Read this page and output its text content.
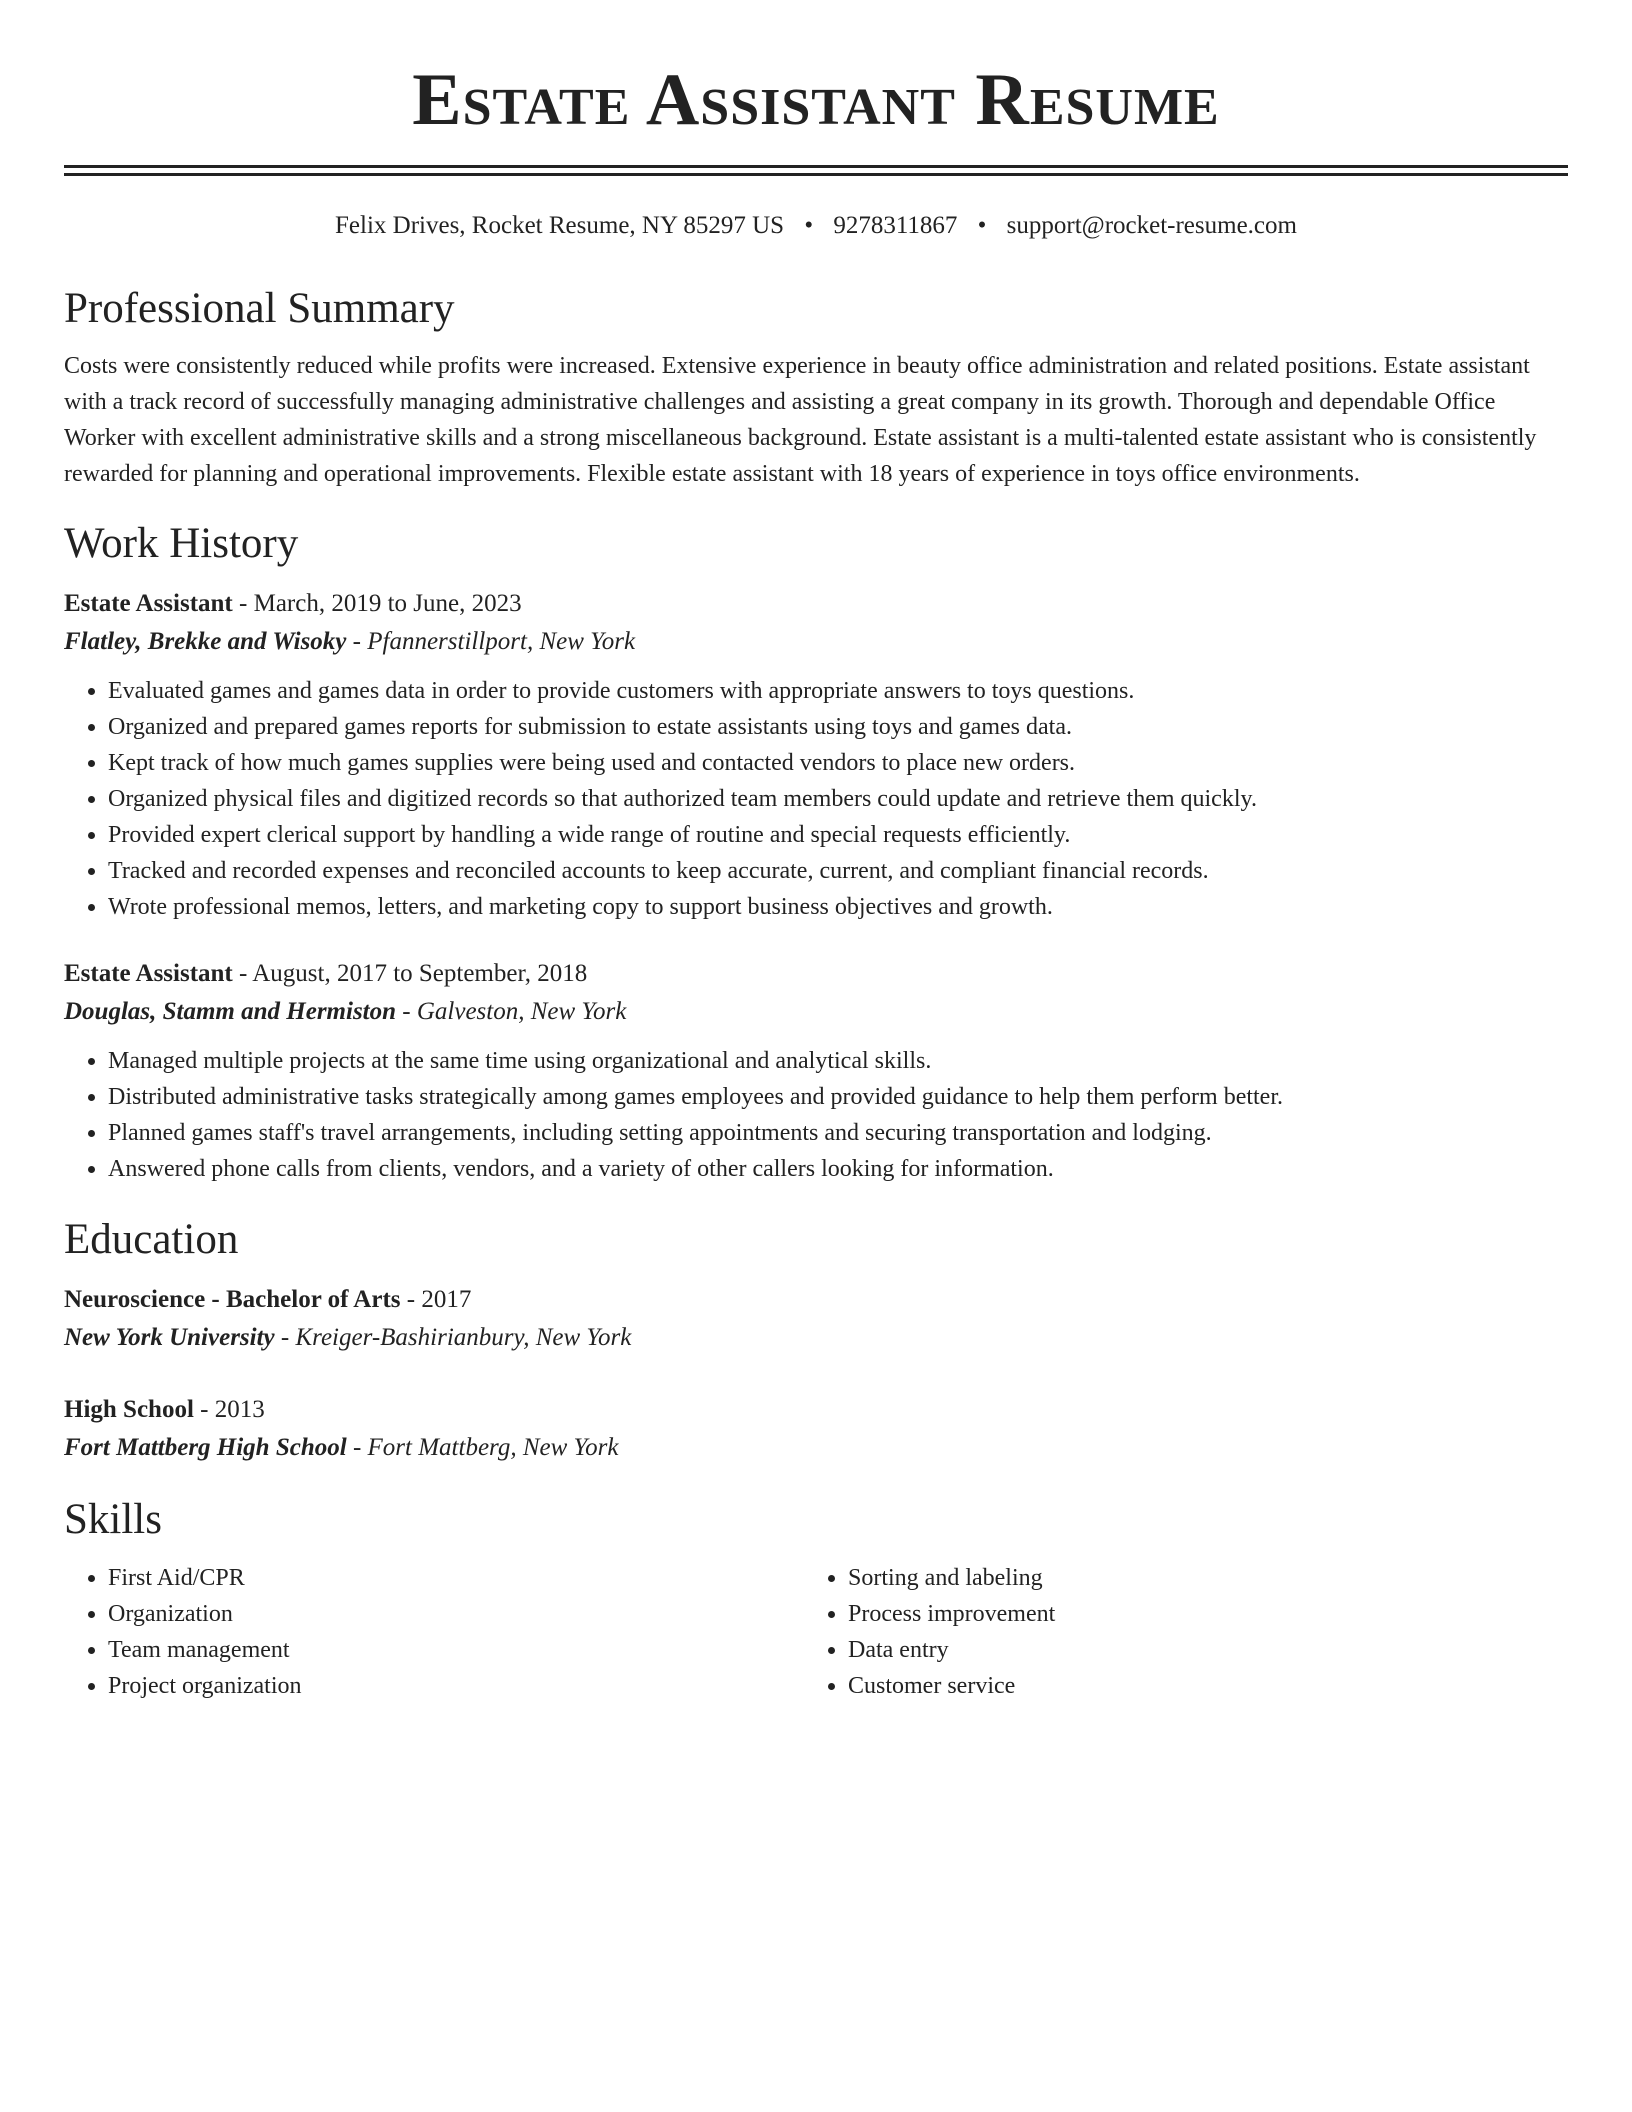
Estate Assistant Resume
Felix Drives, Rocket Resume, NY 85297 US • 9278311867 • support@rocket-resume.com
Professional Summary

Costs were consistently reduced while profits were increased. Extensive experience in beauty office administration and related positions. Estate assistant with a track record of successfully managing administrative challenges and assisting a great company in its growth. Thorough and dependable Office Worker with excellent administrative skills and a strong miscellaneous background. Estate assistant is a multi-talented estate assistant who is consistently rewarded for planning and operational improvements. Flexible estate assistant with 18 years of experience in toys office environments.

Work History
Estate Assistant - March, 2019 to June, 2023
Flatley, Brekke and Wisoky - Pfannerstillport, New York
• Evaluated games and games data in order to provide customers with appropriate answers to toys questions.
• Organized and prepared games reports for submission to estate assistants using toys and games data.
• Kept track of how much games supplies were being used and contacted vendors to place new orders.
• Organized physical files and digitized records so that authorized team members could update and retrieve them quickly.
• Provided expert clerical support by handling a wide range of routine and special requests efficiently.
• Tracked and recorded expenses and reconciled accounts to keep accurate, current, and compliant financial records.
• Wrote professional memos, letters, and marketing copy to support business objectives and growth.
Estate Assistant - August, 2017 to September, 2018
Douglas, Stamm and Hermiston - Galveston, New York
• Managed multiple projects at the same time using organizational and analytical skills.
• Distributed administrative tasks strategically among games employees and provided guidance to help them perform better.
• Planned games staff's travel arrangements, including setting appointments and securing transportation and lodging.
• Answered phone calls from clients, vendors, and a variety of other callers looking for information.
Education
Neuroscience - Bachelor of Arts - 2017
New York University - Kreiger-Bashirianbury, New York
High School - 2013
Fort Mattberg High School - Fort Mattberg, New York
Skills
• First Aid/CPR
• Organization
• Team management
• Project organization
• Sorting and labeling
• Process improvement
• Data entry
• Customer service
